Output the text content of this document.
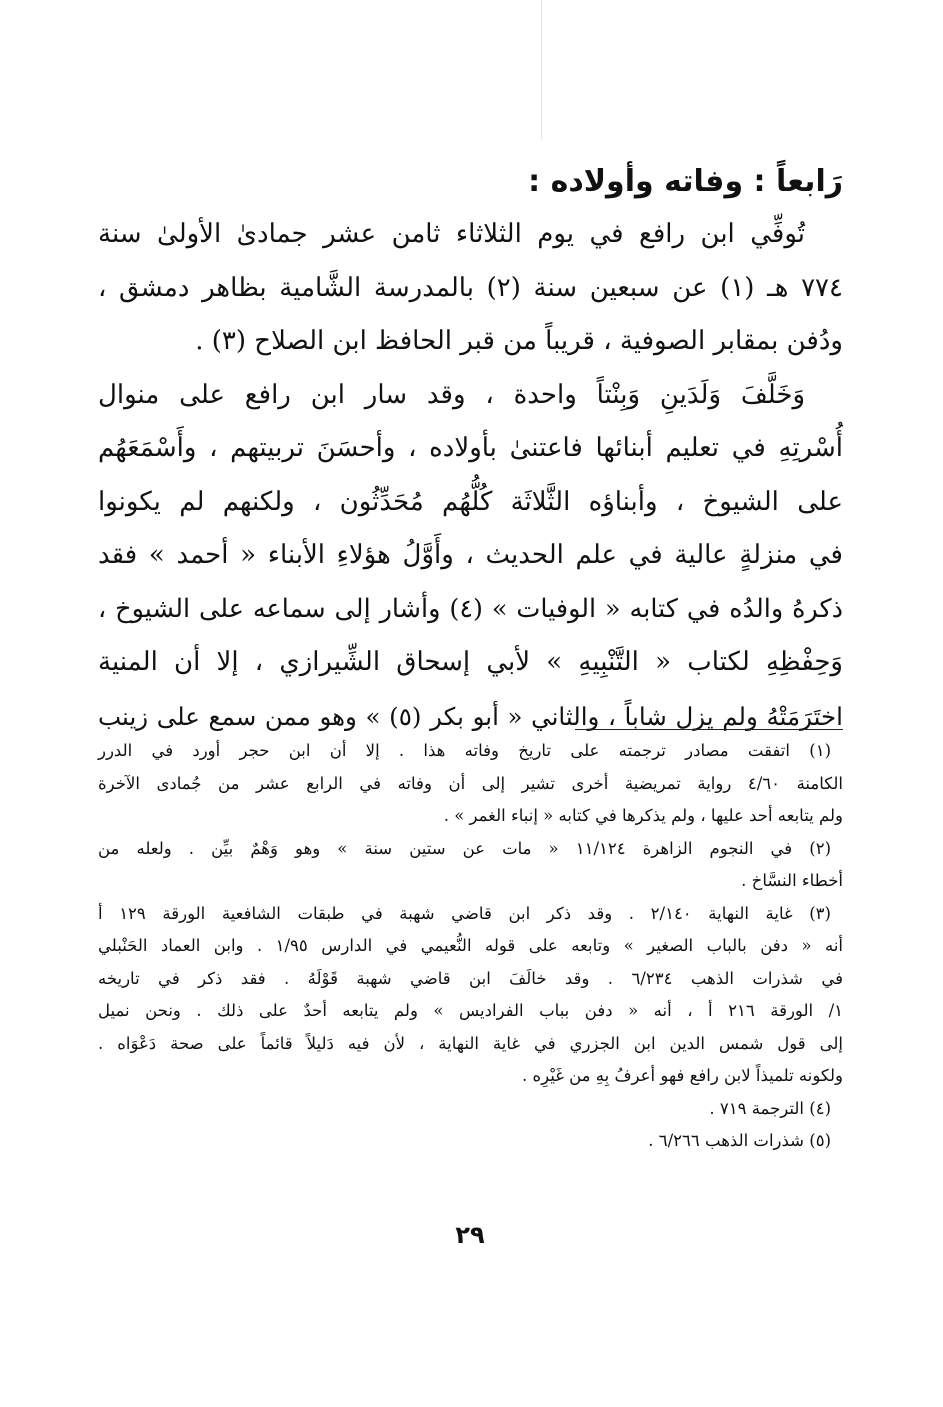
رَابعاً : وفاته وأولاده :
تُوفِّي ابن رافع في يوم الثلاثاء ثامن عشر جمادىٰ الأولىٰ سنة
٧٧٤ هـ (١) عن سبعين سنة (٢) بالمدرسة الشَّامية بظاهر دمشق ،
ودُفن بمقابر الصوفية ، قريباً من قبر الحافظ ابن الصلاح (٣) .
وَخَلَّفَ وَلَدَينِ وَبِنْتاً واحدة ، وقد سار ابن رافع على منوال
أُسْرتِهِ في تعليم أبنائها فاعتنىٰ بأولاده ، وأحسَنَ تربيتهم ، وأَسْمَعَهُم
على الشيوخ ، وأبناؤه الثَّلاثَة كُلُّهُم مُحَدِّثُون ، ولكنهم لم يكونوا
في منزلةٍ عالية في علم الحديث ، وأَوَّلُ هؤلاءِ الأبناء « أحمد » فقد
ذكرهُ والدُه في كتابه « الوفيات » (٤) وأشار إلى سماعه على الشيوخ ،
وَحِفْظِهِ لكتاب « التَّنْبِيهِ » لأبي إسحاق الشِّيرازي ، إلا أن المنية
اختَرَمَتْهُ ولم يزل شاباً ، والثاني « أبو بكر (٥) » وهو ممن سمع على زينب
(١) اتفقت مصادر ترجمته على تاريخ وفاته هذا . إلا أن ابن حجر أورد في الدرر
الكامنة ٤/٦٠ رواية تمريضية أخرى تشير إلى أن وفاته في الرابع عشر من جُمادى الآخرة
ولم يتابعه أحد عليها ، ولم يذكرها في كتابه « إنباء الغمر » .
(٢) في النجوم الزاهرة ١١/١٢٤ « مات عن ستين سنة » وهو وَهْمٌ بيِّن . ولعله من
أخطاء النسَّاخ .
(٣) غاية النهاية ٢/١٤٠ . وقد ذكر ابن قاضي شهبة في طبقات الشافعية الورقة ١٢٩ أ
أنه « دفن بالباب الصغير » وتابعه على قوله النُّعيمي في الدارس ١/٩٥ . وابن العماد الحَنْبلي
في شذرات الذهب ٦/٢٣٤ . وقد خالَفَ ابن قاضي شهبة قَوْلَهُ . فقد ذكر في تاريخه
١/ الورقة ٢١٦ أ ، أنه « دفن بباب الفراديس » ولم يتابعه أحدٌ على ذلك . ونحن نميل
إلى قول شمس الدين ابن الجزري في غاية النهاية ، لأن فيه دَليلاً قائماً على صحة دَعْوَاه .
ولكونه تلميذاً لابن رافع فهو أعرفُ بِهِ من غَيْرِه .
(٤) الترجمة ٧١٩ .
(٥) شذرات الذهب ٦/٢٦٦ .
٢٩
